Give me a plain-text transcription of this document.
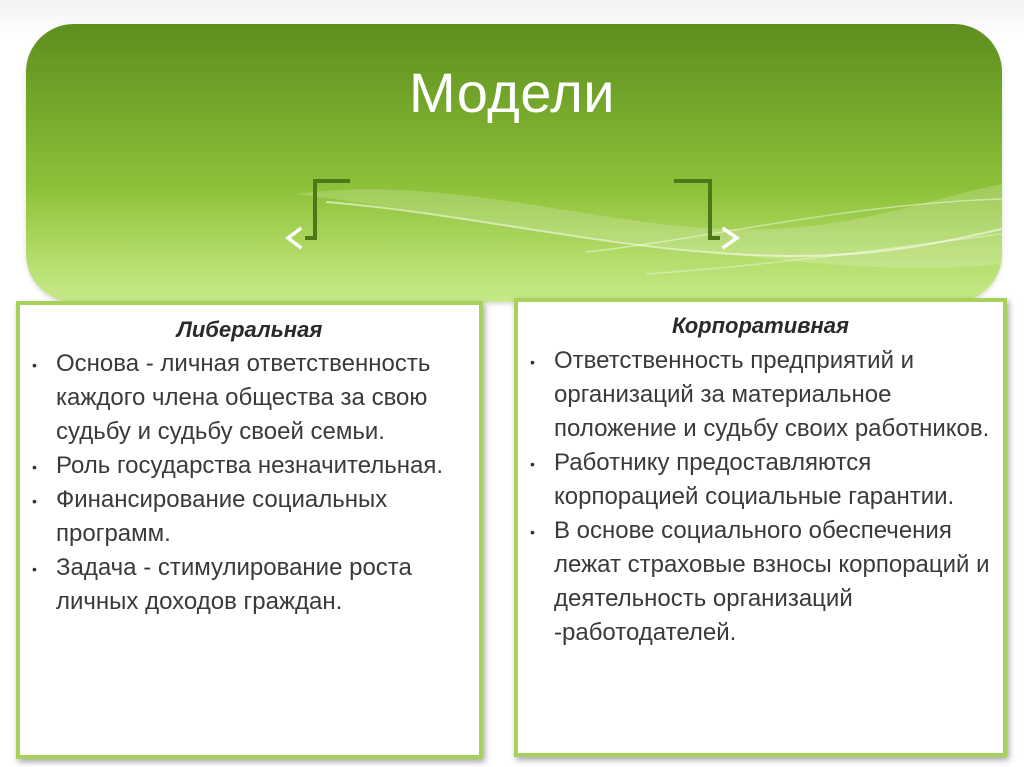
Модели
Либеральная
• Основа - личная ответственность каждого члена общества за свою судьбу и судьбу своей семьи.
• Роль государства незначительная.
• Финансирование социальных программ.
• Задача - стимулирование роста личных доходов граждан.
Корпоративная
• Ответственность предприятий и организаций за материальное положение и судьбу своих работников.
• Работнику предоставляются корпорацией социальные гарантии.
• В основе социального обеспечения лежат страховые взносы корпораций и деятельность организаций -работодателей.
